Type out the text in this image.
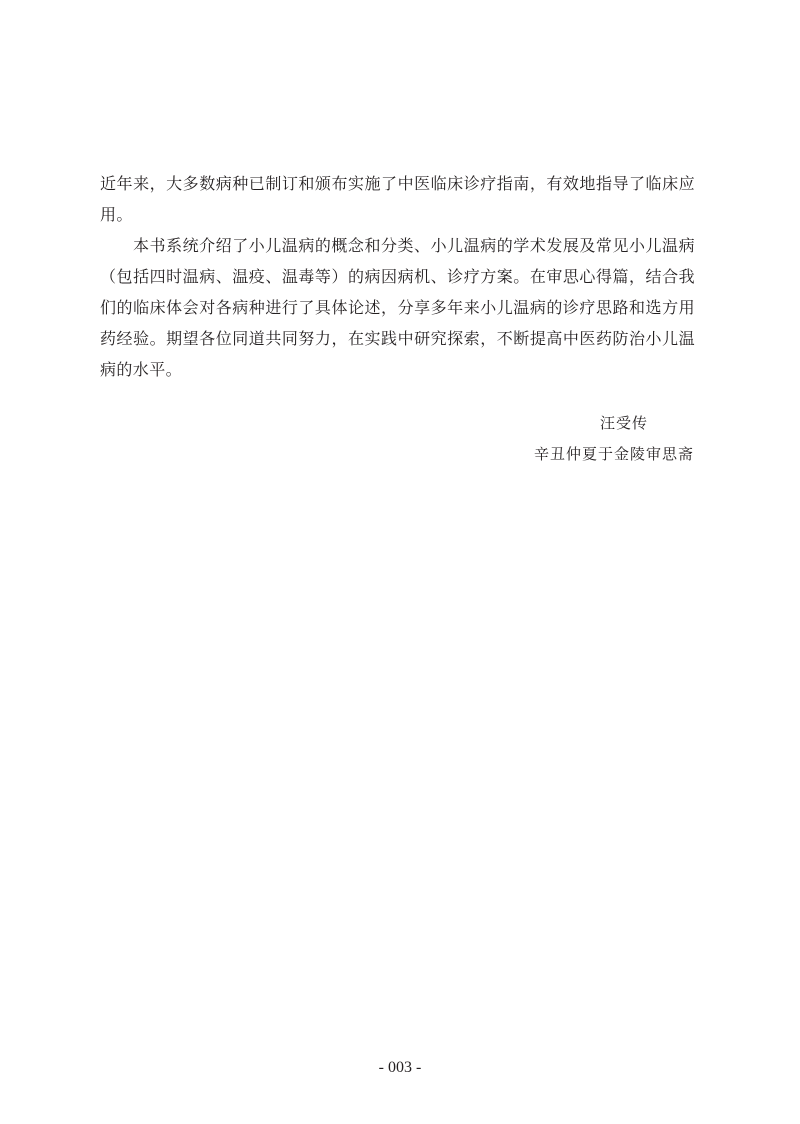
近年来，大多数病种已制订和颁布实施了中医临床诊疗指南，有效地指导了临床应用。

本书系统介绍了小儿温病的概念和分类、小儿温病的学术发展及常见小儿温病（包括四时温病、温疫、温毒等）的病因病机、诊疗方案。在审思心得篇，结合我们的临床体会对各病种进行了具体论述，分享多年来小儿温病的诊疗思路和选方用药经验。期望各位同道共同努力，在实践中研究探索，不断提高中医药防治小儿温病的水平。

汪受传
辛丑仲夏于金陵审思斋
- 003 -
